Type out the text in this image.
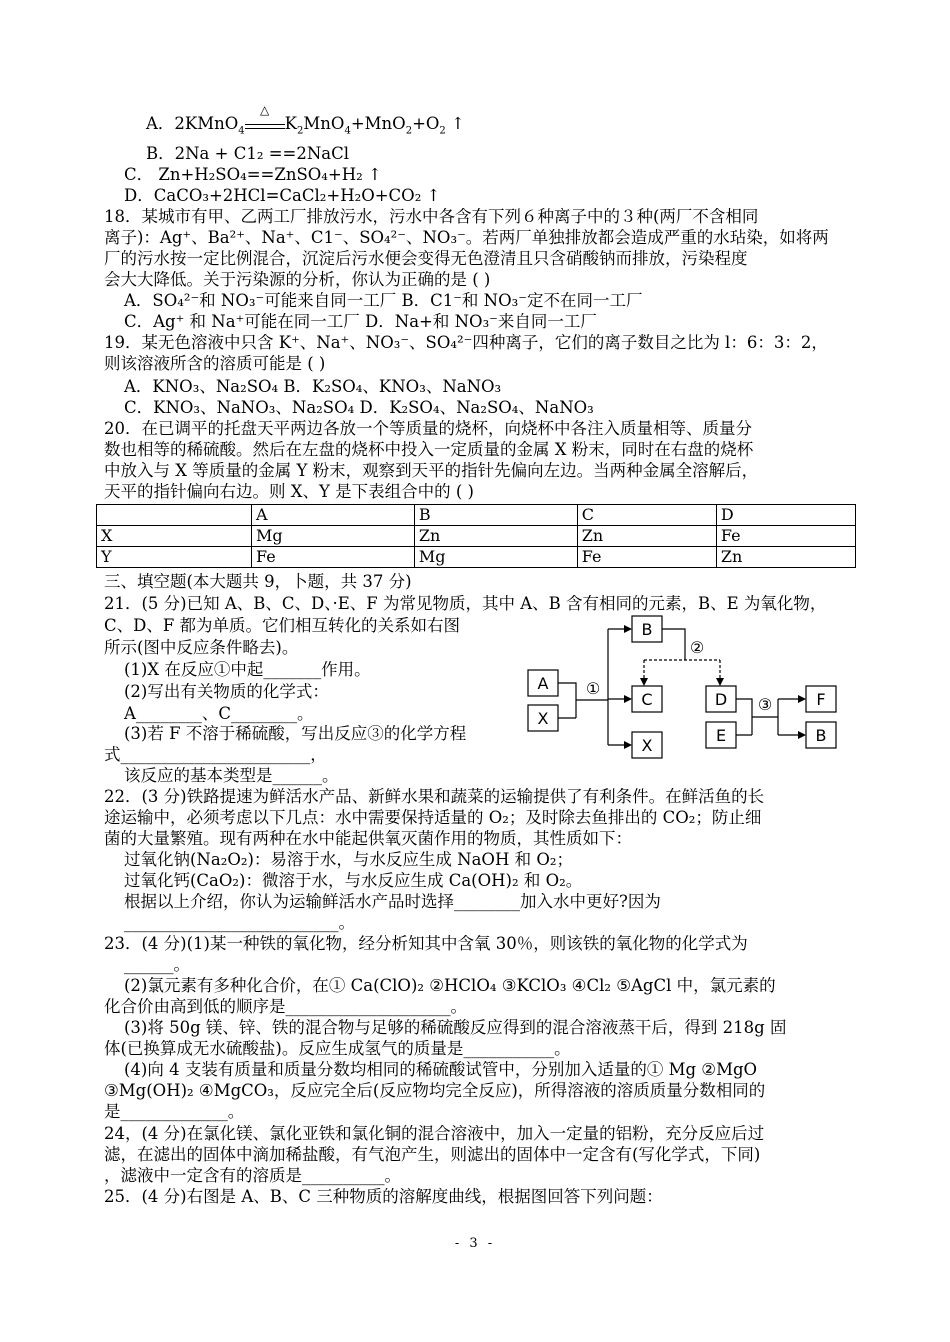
A．2KMnO$_4$
△
$K_2MnO_4+MnO_2+O_2$ ↑
B．2Na + C1₂ ==2NaCl
C． Zn+H₂SO₄==ZnSO₄+H₂ ↑
D．CaCO₃+2HCl=CaCl₂+H₂O+CO₂ ↑
18．某城市有甲、乙两工厂排放污水，污水中各含有下列６种离子中的３种(两厂不含相同
离子)：Ag⁺、Ba²⁺、Na⁺、C1⁻、SO₄²⁻、NO₃⁻。若两厂单独排放都会造成严重的水玷染，如将两
厂的污水按一定比例混合，沉淀后污水便会变得无色澄清且只含硝酸钠而排放，污染程度
会大大降低。关于污染源的分析，你认为正确的是 ( )
A．SO₄²⁻和 NO₃⁻可能来自同一工厂 B．C1⁻和 NO₃⁻定不在同一工厂
C．Ag⁺ 和 Na⁺可能在同一工厂 D．Na+和 NO₃⁻来自同一工厂
19．某无色溶液中只含 K⁺、Na⁺、NO₃⁻、SO₄²⁻四种离子，它们的离子数目之比为 l：6：3：2，
则该溶液所含的溶质可能是 ( )
A．KNO₃、Na₂SO₄ B．K₂SO₄、KNO₃、NaNO₃
C．KNO₃、NaNO₃、Na₂SO₄ D．K₂SO₄、Na₂SO₄、NaNO₃
20．在已调平的托盘天平两边各放一个等质量的烧杯，向烧杯中各注入质量相等、质量分
数也相等的稀硫酸。然后在左盘的烧杯中投入一定质量的金属 X 粉末，同时在右盘的烧杯
中放入与 X 等质量的金属 Y 粉末，观察到天平的指针先偏向左边。当两种金属全溶解后，
天平的指针偏向右边。则 X、Y 是下表组合中的 ( )
	A	B	C	D
X	Mg	Zn	Zn	Fe
Y	Fe	Mg	Fe	Zn
三、填空题(本大题共 9，卜题，共 37 分)
21．(5 分)已知 A、B、C、D、·E、F 为常见物质，其中 A、B 含有相同的元素，B、E 为氧化物，
C、D、F 都为单质。它们相互转化的关系如右图
所示(图中反应条件略去)。
(1)X 在反应①中起_______作用。
(2)写出有关物质的化学式：
A________、C________。
(3)若 F 不溶于稀硫酸，写出反应③的化学方程
式_______________________，
该反应的基本类型是______。
B
A
X
C
X
D
E
F
B
①
②
③
22．(3 分)铁路提速为鲜活水产品、新鲜水果和蔬菜的运输提供了有利条件。在鲜活鱼的长
途运输中，必须考虑以下几点：水中需要保持适量的 O₂；及时除去鱼排出的 CO₂；防止细
菌的大量繁殖。现有两种在水中能起供氧灭菌作用的物质，其性质如下：
过氧化钠(Na₂O₂)：易溶于水，与水反应生成 NaOH 和 O₂；
过氧化钙(CaO₂)：微溶于水，与水反应生成 Ca(OH)₂ 和 O₂。
根据以上介绍，你认为运输鲜活水产品时选择________加入水中更好?因为
__________________________。
23．(4 分)(1)某一种铁的氧化物，经分析知其中含氧 30％，则该铁的氧化物的化学式为
______。
(2)氯元素有多种化合价，在① Ca(ClO)₂ ②HClO₄ ③KClO₃ ④Cl₂ ⑤AgCl 中，氯元素的
化合价由高到低的顺序是____________________。
(3)将 50g 镁、锌、铁的混合物与足够的稀硫酸反应得到的混合溶液蒸干后，得到 218g 固
体(已换算成无水硫酸盐)。反应生成氢气的质量是___________。
(4)向 4 支装有质量和质量分数均相同的稀硫酸试管中，分别加入适量的① Mg ②MgO
③Mg(OH)₂ ④MgCO₃，反应完全后(反应物均完全反应)，所得溶液的溶质质量分数相同的
是_____________。
24，(4 分)在氯化镁、氯化亚铁和氯化铜的混合溶液中，加入一定量的铝粉，充分反应后过
滤，在滤出的固体中滴加稀盐酸，有气泡产生，则滤出的固体中一定含有(写化学式，下同)
，滤液中一定含有的溶质是__________。
25．(4 分)右图是 A、B、C 三种物质的溶解度曲线，根据图回答下列问题：
- 3 -
